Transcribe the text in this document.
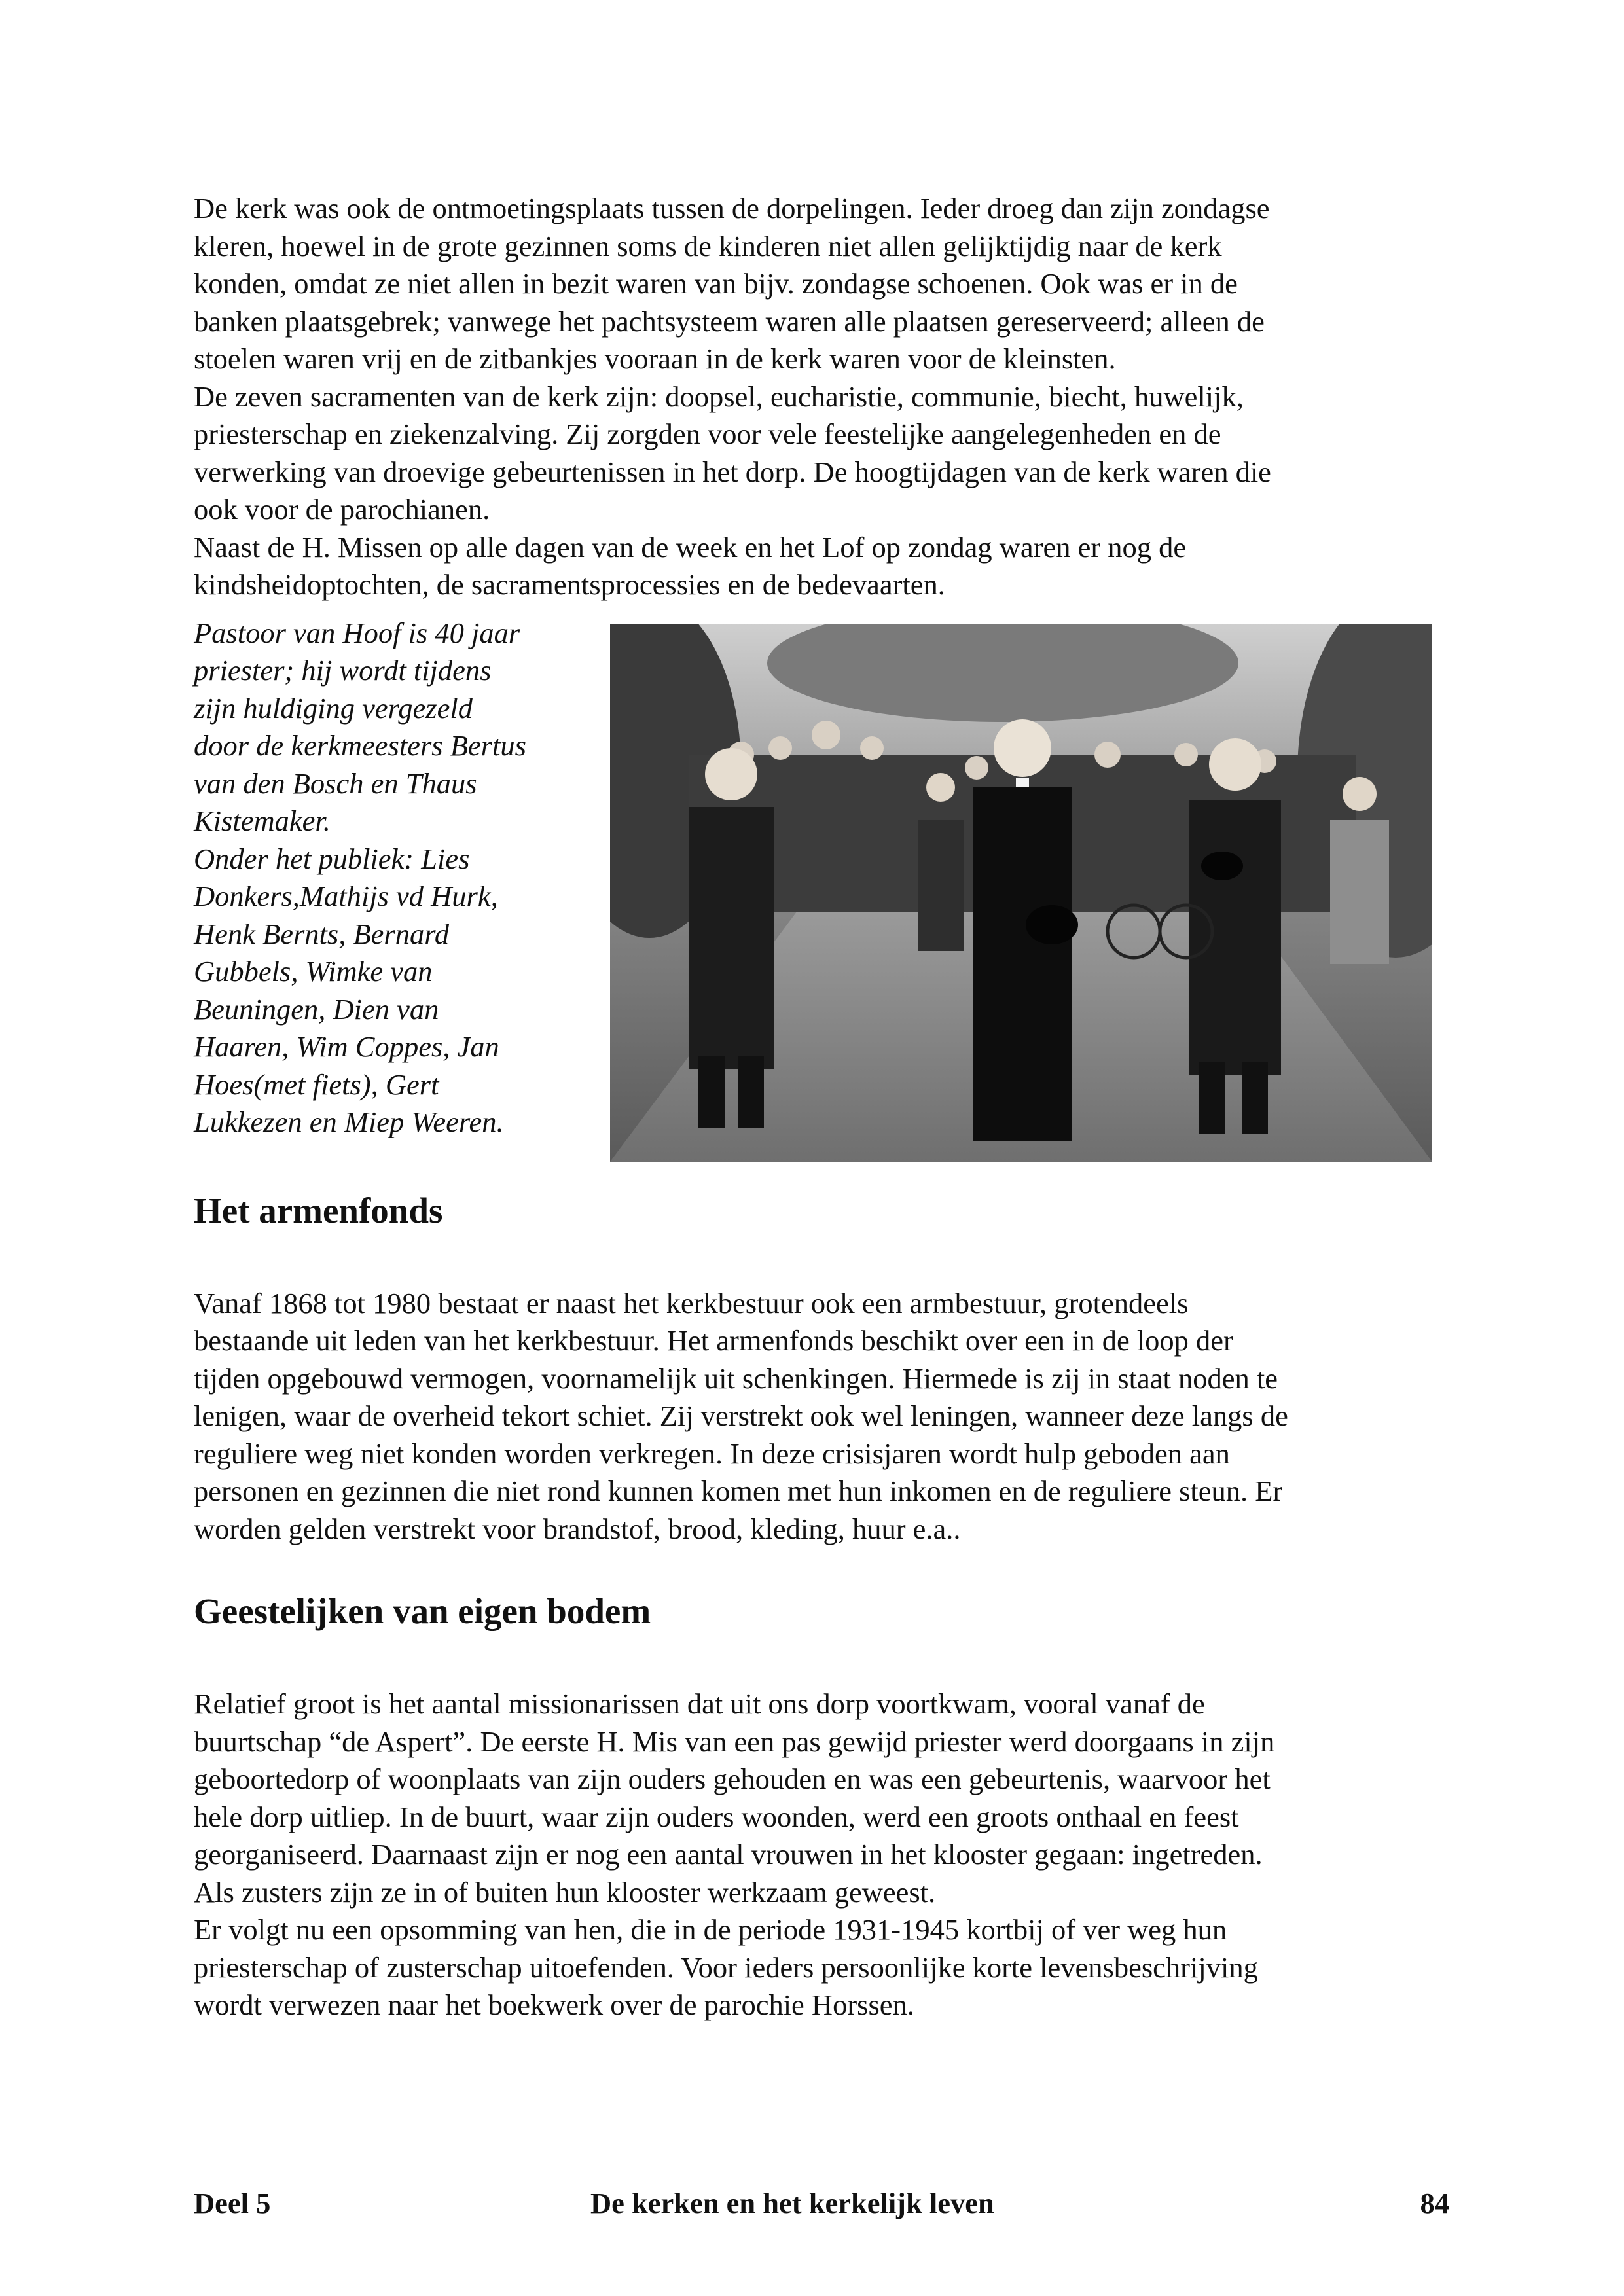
De kerk was ook de ontmoetingsplaats tussen de dorpelingen. Ieder droeg dan zijn zondagse

kleren, hoewel in de grote gezinnen soms de kinderen niet allen gelijktijdig naar de kerk

konden, omdat ze niet allen in bezit waren van bijv. zondagse schoenen. Ook was er in de

banken plaatsgebrek; vanwege het pachtsysteem waren alle plaatsen gereserveerd; alleen de

stoelen waren vrij en de zitbankjes vooraan in de kerk waren voor de kleinsten.

De zeven sacramenten van de kerk zijn: doopsel, eucharistie, communie, biecht, huwelijk,

priesterschap en ziekenzalving. Zij zorgden voor vele feestelijke aangelegenheden en de

verwerking van droevige gebeurtenissen in het dorp. De hoogtijdagen van de kerk waren die

ook voor de parochianen.

Naast de H. Missen op alle dagen van de week en het Lof op zondag waren er nog de

kindsheidoptochten, de sacramentsprocessies en de bedevaarten.

Pastoor van Hoof is 40 jaar
priester; hij wordt tijdens
zijn huldiging vergezeld
door de kerkmeesters Bertus
van den Bosch en Thaus
Kistemaker.
Onder het publiek: Lies
Donkers,Mathijs vd Hurk,
Henk Bernts, Bernard
Gubbels, Wimke van
Beuningen, Dien van
Haaren, Wim Coppes, Jan
Hoes(met fiets), Gert
Lukkezen en Miep Weeren.
Het armenfonds

Vanaf 1868 tot 1980 bestaat er naast het kerkbestuur ook een armbestuur, grotendeels

bestaande uit leden van het kerkbestuur. Het armenfonds beschikt over een in de loop der

tijden opgebouwd vermogen, voornamelijk uit schenkingen. Hiermede is zij in staat noden te

lenigen, waar de overheid tekort schiet. Zij verstrekt ook wel leningen, wanneer deze langs de

reguliere weg niet konden worden verkregen. In deze crisisjaren wordt hulp geboden aan

personen en gezinnen die niet rond kunnen komen met hun inkomen en de reguliere steun. Er

worden gelden verstrekt voor brandstof, brood, kleding, huur e.a..

Geestelijken van eigen bodem

Relatief groot is het aantal missionarissen dat uit ons dorp voortkwam, vooral vanaf de

buurtschap “de Aspert”. De eerste H. Mis van een pas gewijd priester werd doorgaans in zijn

geboortedorp of woonplaats van zijn ouders gehouden en was een gebeurtenis, waarvoor het

hele dorp uitliep. In de buurt, waar zijn ouders woonden, werd een groots onthaal en feest

georganiseerd. Daarnaast zijn er nog een aantal vrouwen in het klooster gegaan: ingetreden.

Als zusters zijn ze in of buiten hun klooster werkzaam geweest.

Er volgt nu een opsomming van hen, die in de periode 1931-1945 kortbij of ver weg hun

priesterschap of zusterschap uitoefenden. Voor ieders persoonlijke korte levensbeschrijving

wordt verwezen naar het boekwerk over de parochie Horssen.

Deel 5	De kerken en het kerkelijk leven	84
